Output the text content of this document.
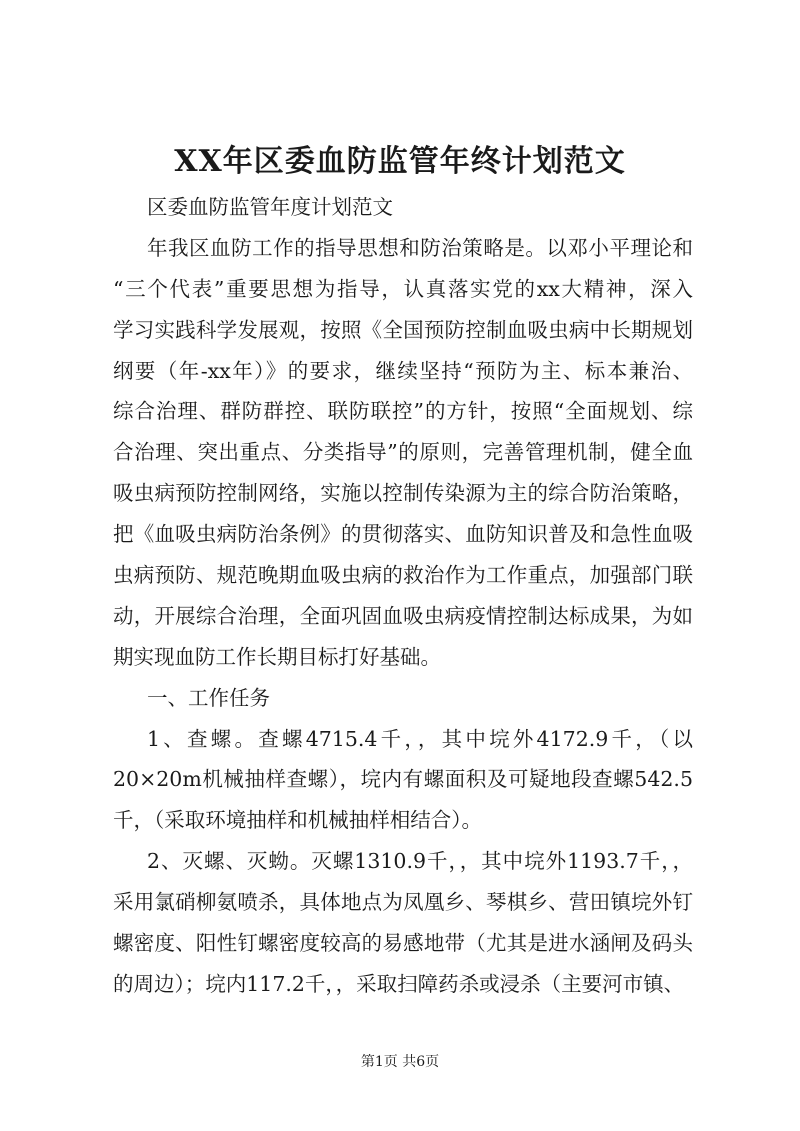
XX年区委血防监管年终计划范文
区委血防监管年度计划范文
年我区血防工作的指导思想和防治策略是。以邓小平理论和
“三个代表”重要思想为指导，认真落实党的xx大精神，深入
学习实践科学发展观，按照《全国预防控制血吸虫病中长期规划
纲要（年-xx年）》的要求，继续坚持“预防为主、标本兼治、
综合治理、群防群控、联防联控”的方针，按照“全面规划、综
合治理、突出重点、分类指导”的原则，完善管理机制，健全血
吸虫病预防控制网络，实施以控制传染源为主的综合防治策略，
把《血吸虫病防治条例》的贯彻落实、血防知识普及和急性血吸
虫病预防、规范晚期血吸虫病的救治作为工作重点，加强部门联
动，开展综合治理，全面巩固血吸虫病疫情控制达标成果，为如
期实现血防工作长期目标打好基础。
一、工作任务
1、查螺。查螺4715.4千，，其中垸外4172.9千，（以
20×20m机械抽样查螺），垸内有螺面积及可疑地段查螺542.5
千，（采取环境抽样和机械抽样相结合）。
2、灭螺、灭蚴。灭螺1310.9千，，其中垸外1193.7千，，
采用氯硝柳氨喷杀，具体地点为凤凰乡、琴棋乡、营田镇垸外钉
螺密度、阳性钉螺密度较高的易感地带（尤其是进水涵闸及码头
的周边）；垸内117.2千，，采取扫障药杀或浸杀（主要河市镇、
第1页 共6页
